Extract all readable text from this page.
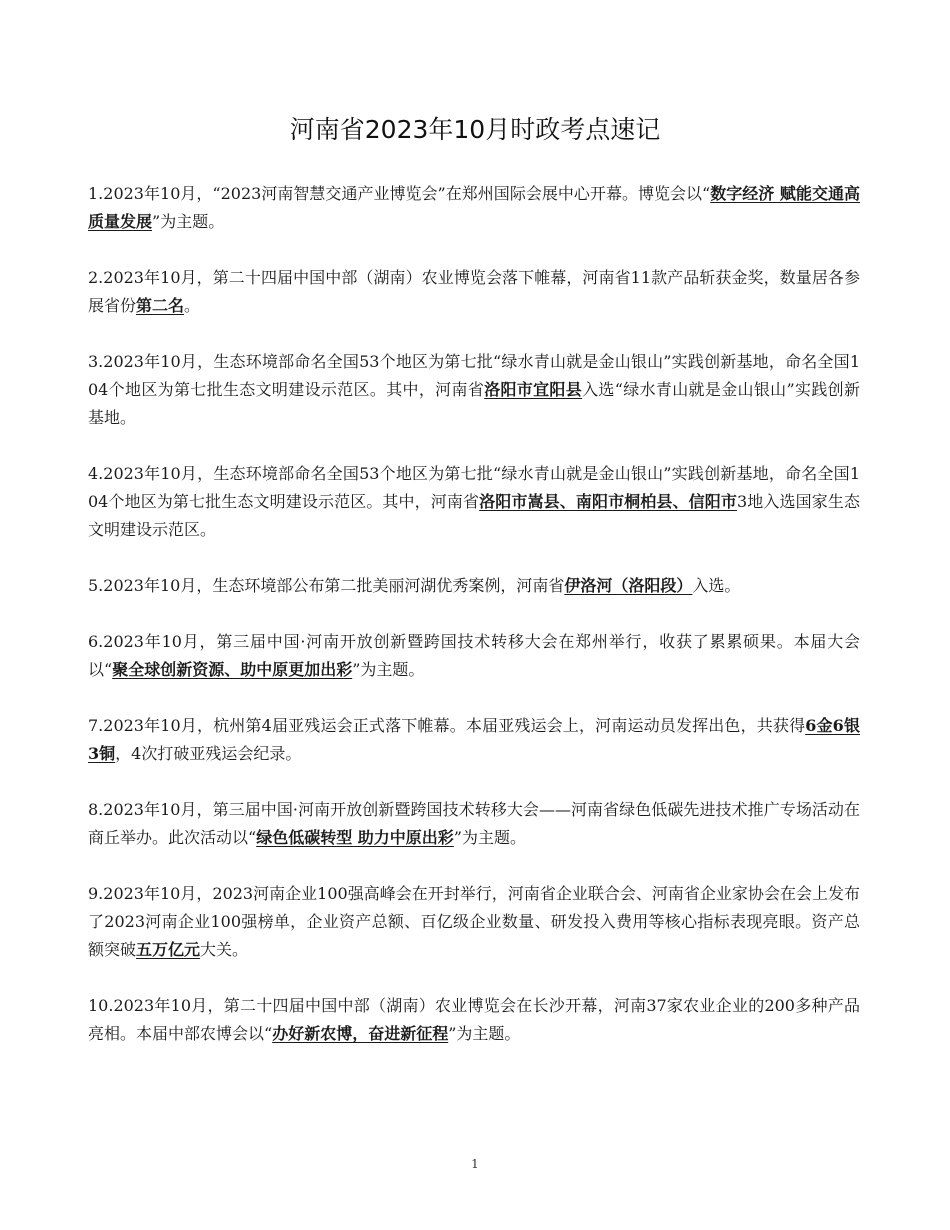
河南省2023年10月时政考点速记

1.2023年10月，“2023河南智慧交通产业博览会”在郑州国际会展中心开幕。博览会以“数字经济 赋能交通高质量发展”为主题。

2.2023年10月，第二十四届中国中部（湖南）农业博览会落下帷幕，河南省11款产品斩获金奖，数量居各参展省份第二名。

3.2023年10月，生态环境部命名全国53个地区为第七批“绿水青山就是金山银山”实践创新基地，命名全国104个地区为第七批生态文明建设示范区。其中，河南省洛阳市宜阳县入选“绿水青山就是金山银山”实践创新基地。

4.2023年10月，生态环境部命名全国53个地区为第七批“绿水青山就是金山银山”实践创新基地，命名全国104个地区为第七批生态文明建设示范区。其中，河南省洛阳市嵩县、南阳市桐柏县、信阳市3地入选国家生态文明建设示范区。

5.2023年10月，生态环境部公布第二批美丽河湖优秀案例，河南省伊洛河（洛阳段）入选。

6.2023年10月，第三届中国·河南开放创新暨跨国技术转移大会在郑州举行，收获了累累硕果。本届大会以“聚全球创新资源、助中原更加出彩”为主题。

7.2023年10月，杭州第4届亚残运会正式落下帷幕。本届亚残运会上，河南运动员发挥出色，共获得6金6银3铜，4次打破亚残运会纪录。

8.2023年10月，第三届中国·河南开放创新暨跨国技术转移大会——河南省绿色低碳先进技术推广专场活动在商丘举办。此次活动以“绿色低碳转型 助力中原出彩”为主题。

9.2023年10月，2023河南企业100强高峰会在开封举行，河南省企业联合会、河南省企业家协会在会上发布了2023河南企业100强榜单，企业资产总额、百亿级企业数量、研发投入费用等核心指标表现亮眼。资产总额突破五万亿元大关。

10.2023年10月，第二十四届中国中部（湖南）农业博览会在长沙开幕，河南37家农业企业的200多种产品亮相。本届中部农博会以“办好新农博，奋进新征程”为主题。

1
